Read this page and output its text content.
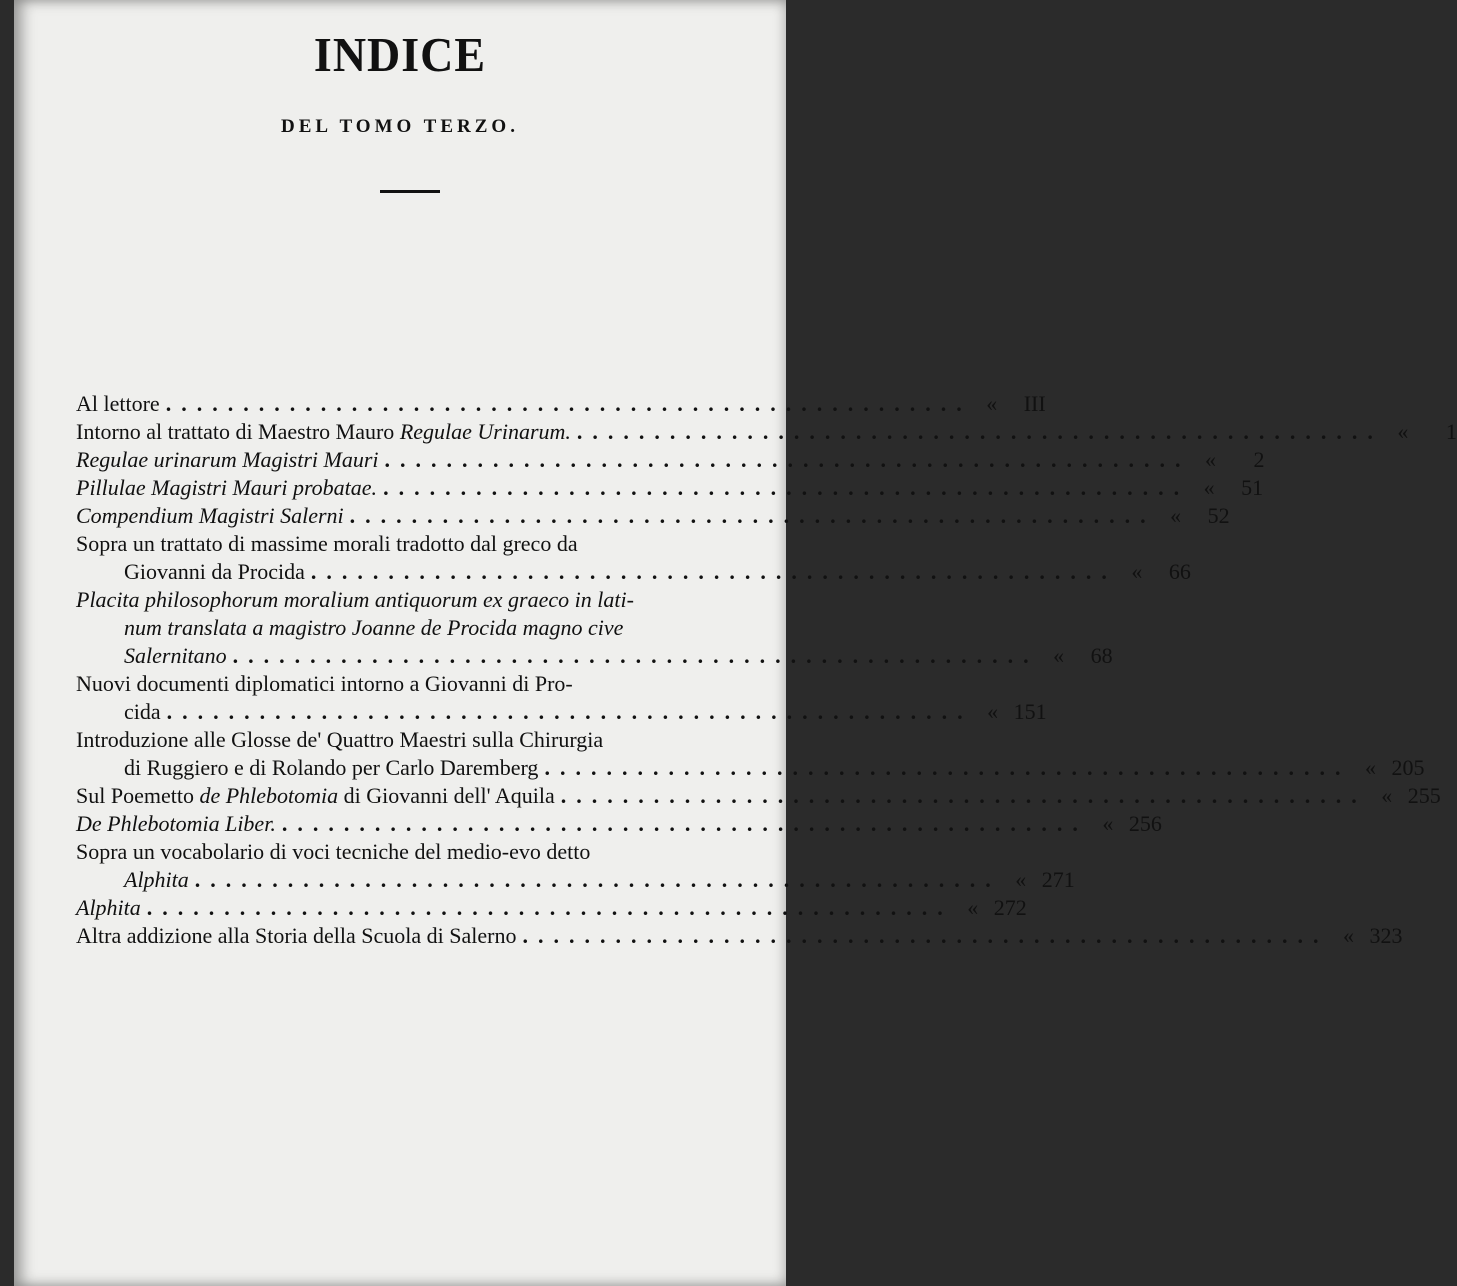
INDICE
DEL TOMO TERZO.
Al lettore .................................................... «	III
Intorno al trattato di Maestro Mauro Regulae Urinarum. .................................................... «	1
Regulae urinarum Magistri Mauri .................................................... «	2
Pillulae Magistri Mauri probatae. .................................................... «	51
Compendium Magistri Salerni .................................................... «	52
Sopra un trattato di massime morali tradotto dal greco da
Giovanni da Procida .................................................... «	66
Placita philosophorum moralium antiquorum ex graeco in lati-
num translata a magistro Joanne de Procida magno cive
Salernitano .................................................... «	68
Nuovi documenti diplomatici intorno a Giovanni di Pro-
cida .................................................... « 151
Introduzione alle Glosse de' Quattro Maestri sulla Chirurgia
di Ruggiero e di Rolando per Carlo Daremberg .................................................... « 205
Sul Poemetto de Phlebotomia di Giovanni dell' Aquila .................................................... « 255
De Phlebotomia Liber. .................................................... « 256
Sopra un vocabolario di voci tecniche del medio-evo detto
Alphita .................................................... « 271
Alphita .................................................... « 272
Altra addizione alla Storia della Scuola di Salerno .................................................... « 323
